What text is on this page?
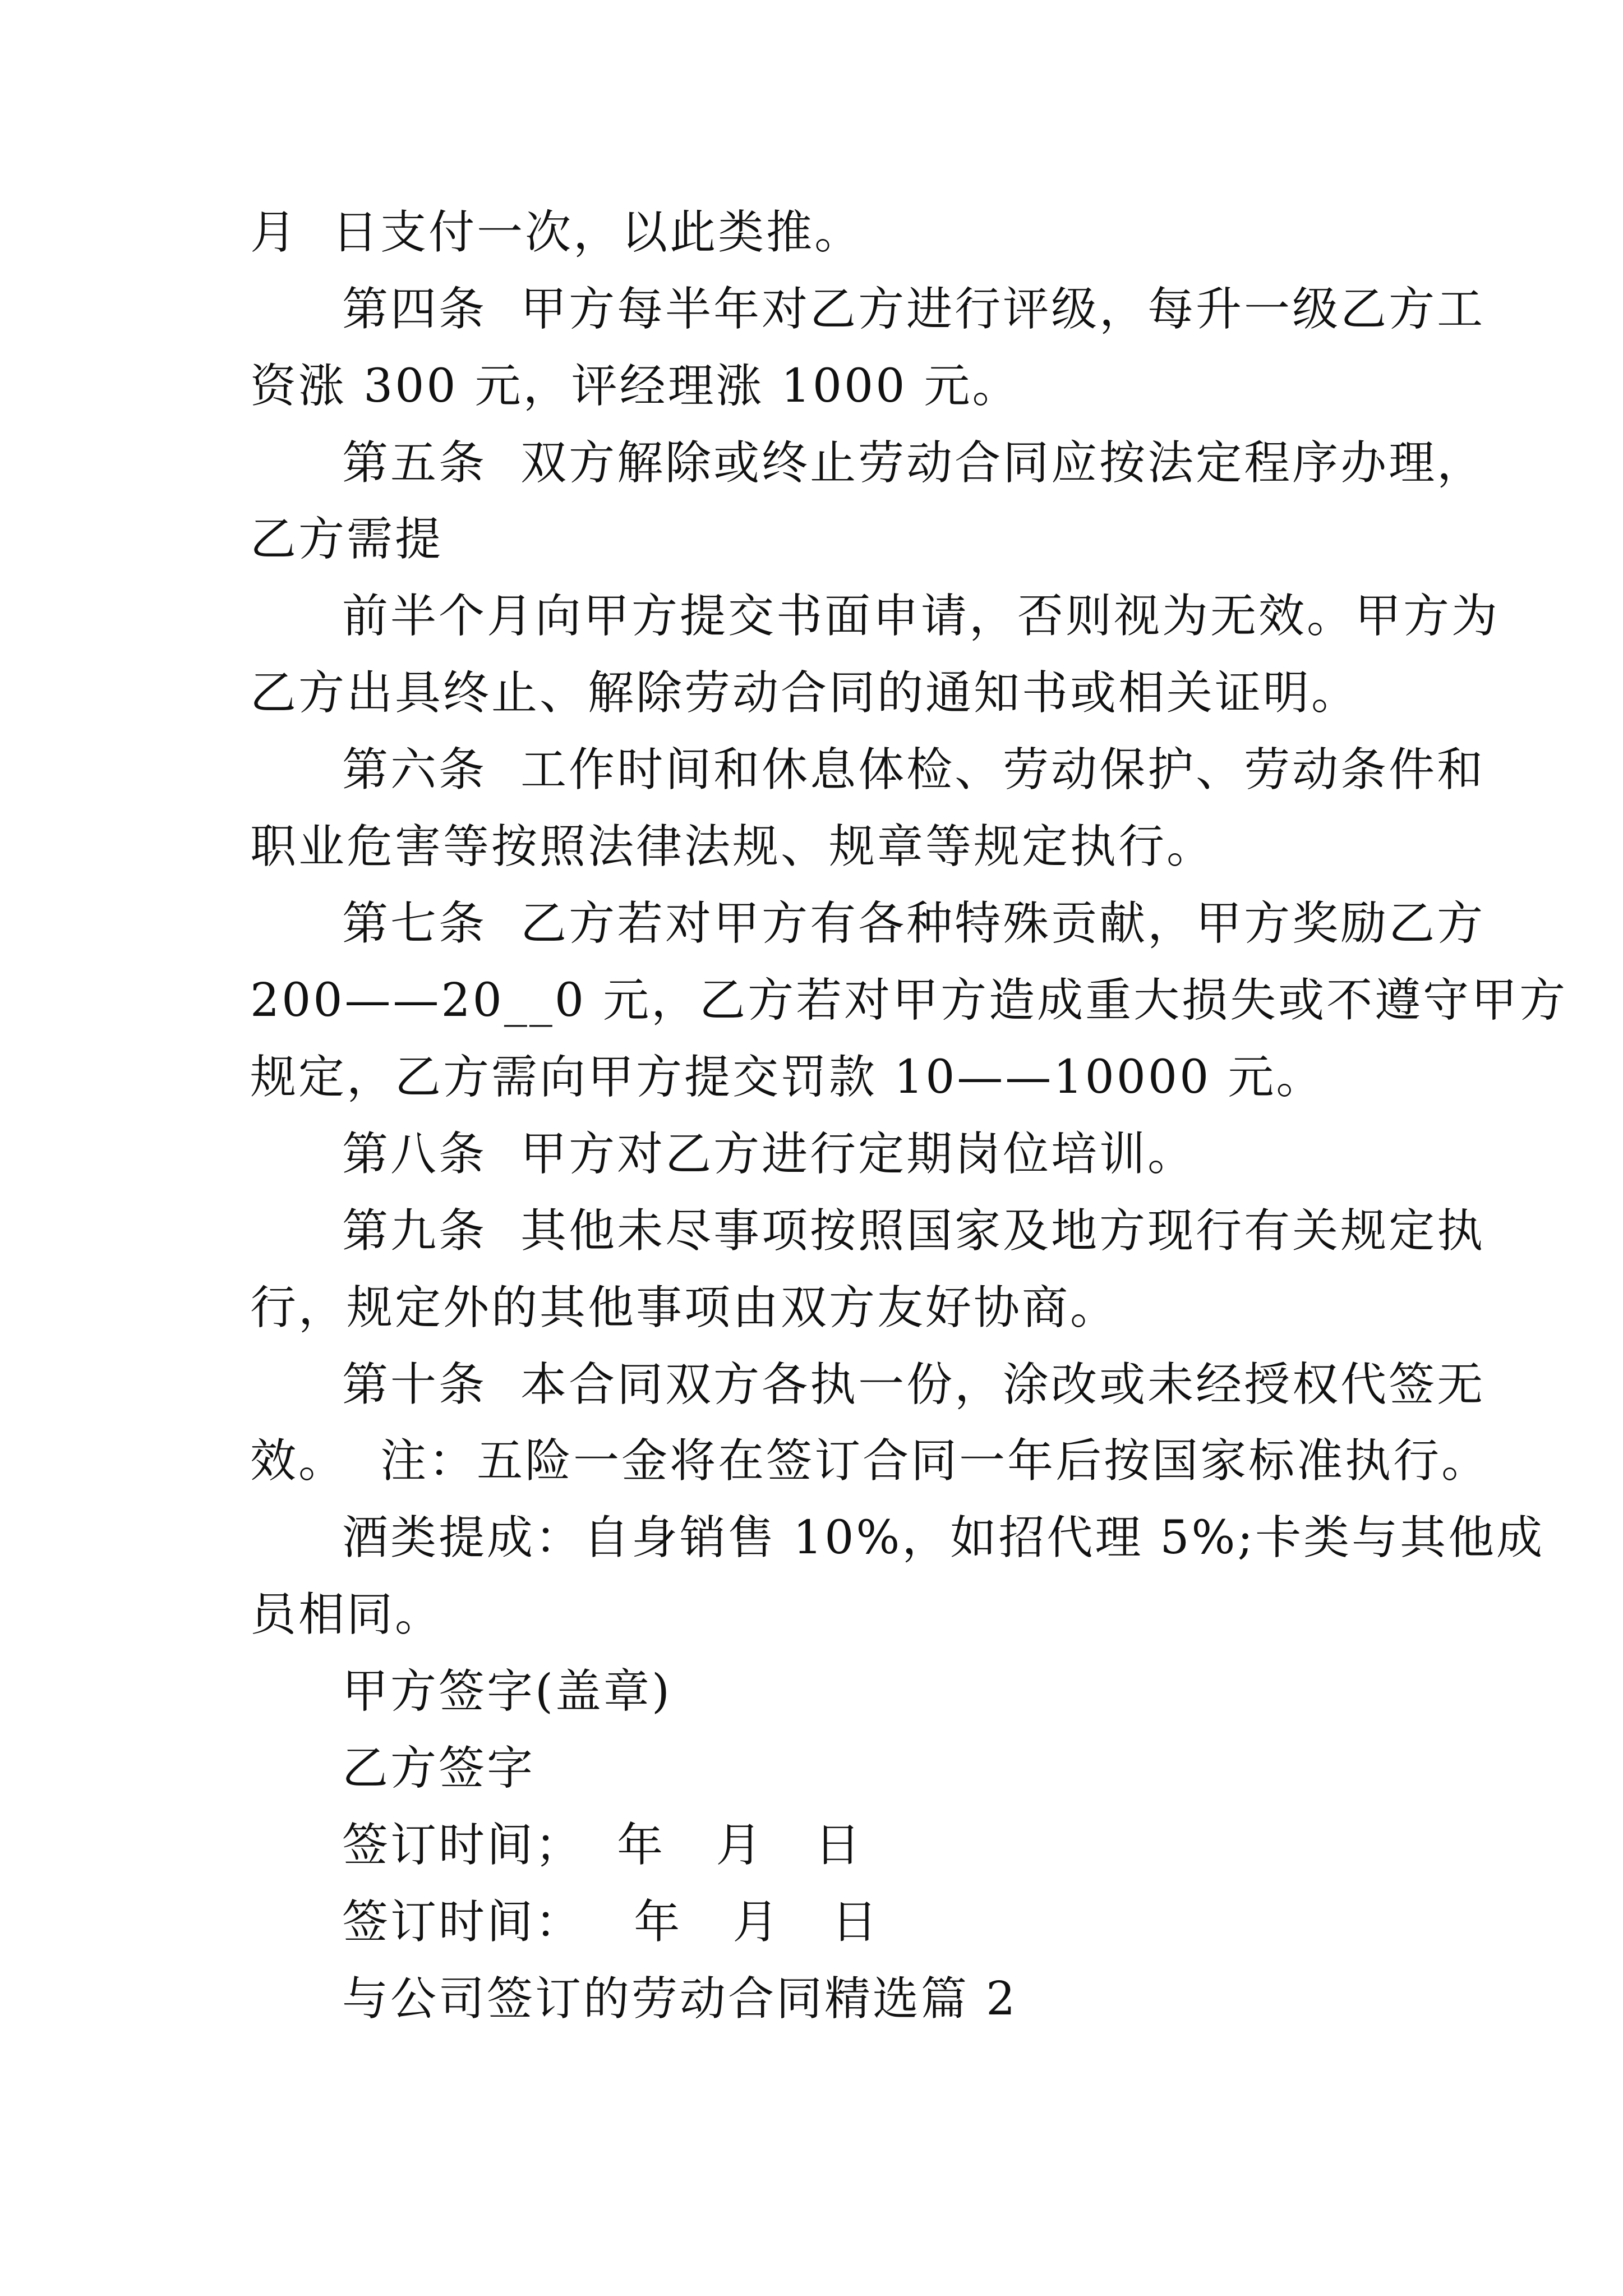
月  日支付一次，以此类推。
第四条  甲方每半年对乙方进行评级，每升一级乙方工
资涨 300 元，评经理涨 1000 元。
第五条  双方解除或终止劳动合同应按法定程序办理，
乙方需提
前半个月向甲方提交书面申请，否则视为无效。甲方为
乙方出具终止、解除劳动合同的通知书或相关证明。
第六条  工作时间和休息体检、劳动保护、劳动条件和
职业危害等按照法律法规、规章等规定执行。
第七条  乙方若对甲方有各种特殊贡献，甲方奖励乙方
200——20__0 元，乙方若对甲方造成重大损失或不遵守甲方
规定，乙方需向甲方提交罚款 10——10000 元。
第八条  甲方对乙方进行定期岗位培训。
第九条  其他未尽事项按照国家及地方现行有关规定执
行，规定外的其他事项由双方友好协商。
第十条  本合同双方各执一份，涂改或未经授权代签无
效。  注：五险一金将在签订合同一年后按国家标准执行。
酒类提成：自身销售 10%，如招代理 5%;卡类与其他成
员相同。
甲方签字(盖章)
乙方签字
签订时间；  年   月   日
签订时间：   年   月   日
与公司签订的劳动合同精选篇 2
